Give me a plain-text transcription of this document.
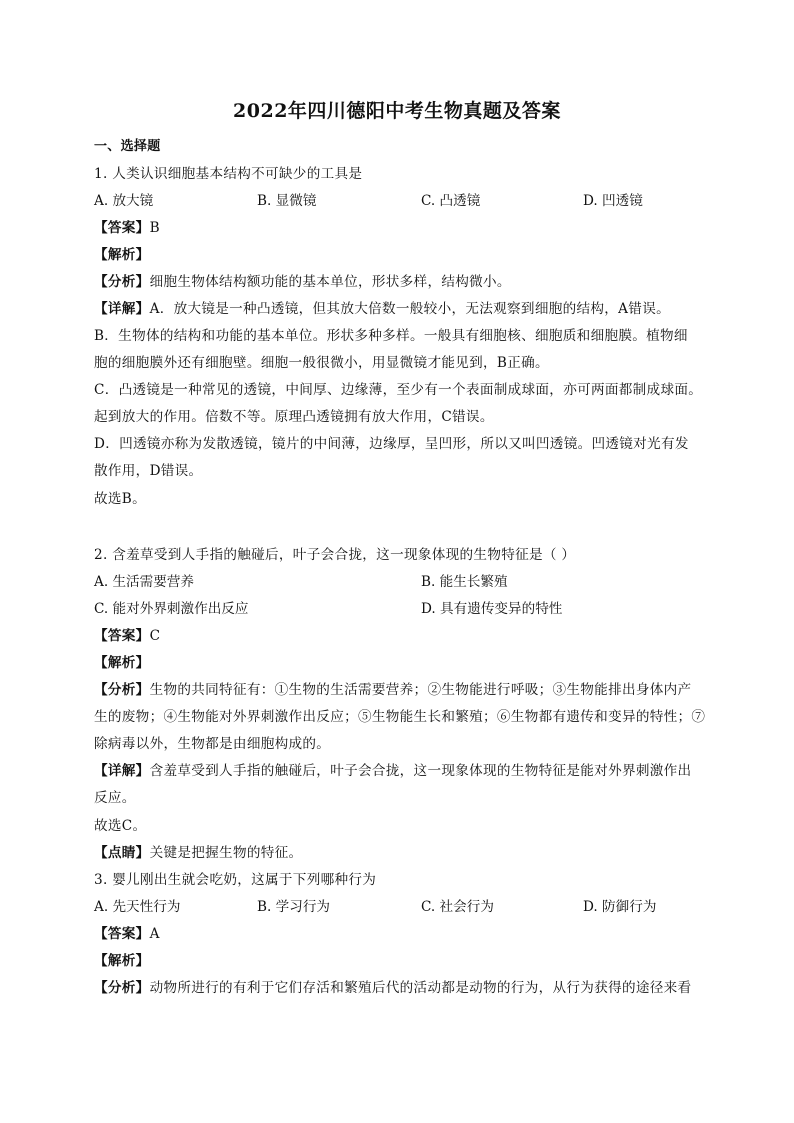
2022年四川德阳中考生物真题及答案
一、选择题
1. 人类认识细胞基本结构不可缺少的工具是
A. 放大镜	B. 显微镜	C. 凸透镜	D. 凹透镜
【答案】B
【解析】
【分析】细胞生物体结构额功能的基本单位，形状多样，结构微小。
【详解】A．放大镜是一种凸透镜，但其放大倍数一般较小，无法观察到细胞的结构，A错误。
B．生物体的结构和功能的基本单位。形状多种多样。一般具有细胞核、细胞质和细胞膜。植物细
胞的细胞膜外还有细胞壁。细胞一般很微小，用显微镜才能见到，B正确。
C．凸透镜是一种常见的透镜，中间厚、边缘薄，至少有一个表面制成球面，亦可两面都制成球面。
起到放大的作用。倍数不等。原理凸透镜拥有放大作用，C错误。
D．凹透镜亦称为发散透镜，镜片的中间薄，边缘厚，呈凹形，所以又叫凹透镜。凹透镜对光有发
散作用，D错误。
故选B。
2. 含羞草受到人手指的触碰后，叶子会合拢，这一现象体现的生物特征是（ ）
A. 生活需要营养	B. 能生长繁殖
C. 能对外界刺激作出反应	D. 具有遗传变异的特性
【答案】C
【解析】
【分析】生物的共同特征有：①生物的生活需要营养；②生物能进行呼吸；③生物能排出身体内产
生的废物；④生物能对外界刺激作出反应；⑤生物能生长和繁殖；⑥生物都有遗传和变异的特性；⑦
除病毒以外，生物都是由细胞构成的。
【详解】含羞草受到人手指的触碰后，叶子会合拢，这一现象体现的生物特征是能对外界刺激作出
反应。
故选C。
【点睛】关键是把握生物的特征。
3. 婴儿刚出生就会吃奶，这属于下列哪种行为
A. 先天性行为	B. 学习行为	C. 社会行为	D. 防御行为
【答案】A
【解析】
【分析】动物所进行的有利于它们存活和繁殖后代的活动都是动物的行为，从行为获得的途径来看
